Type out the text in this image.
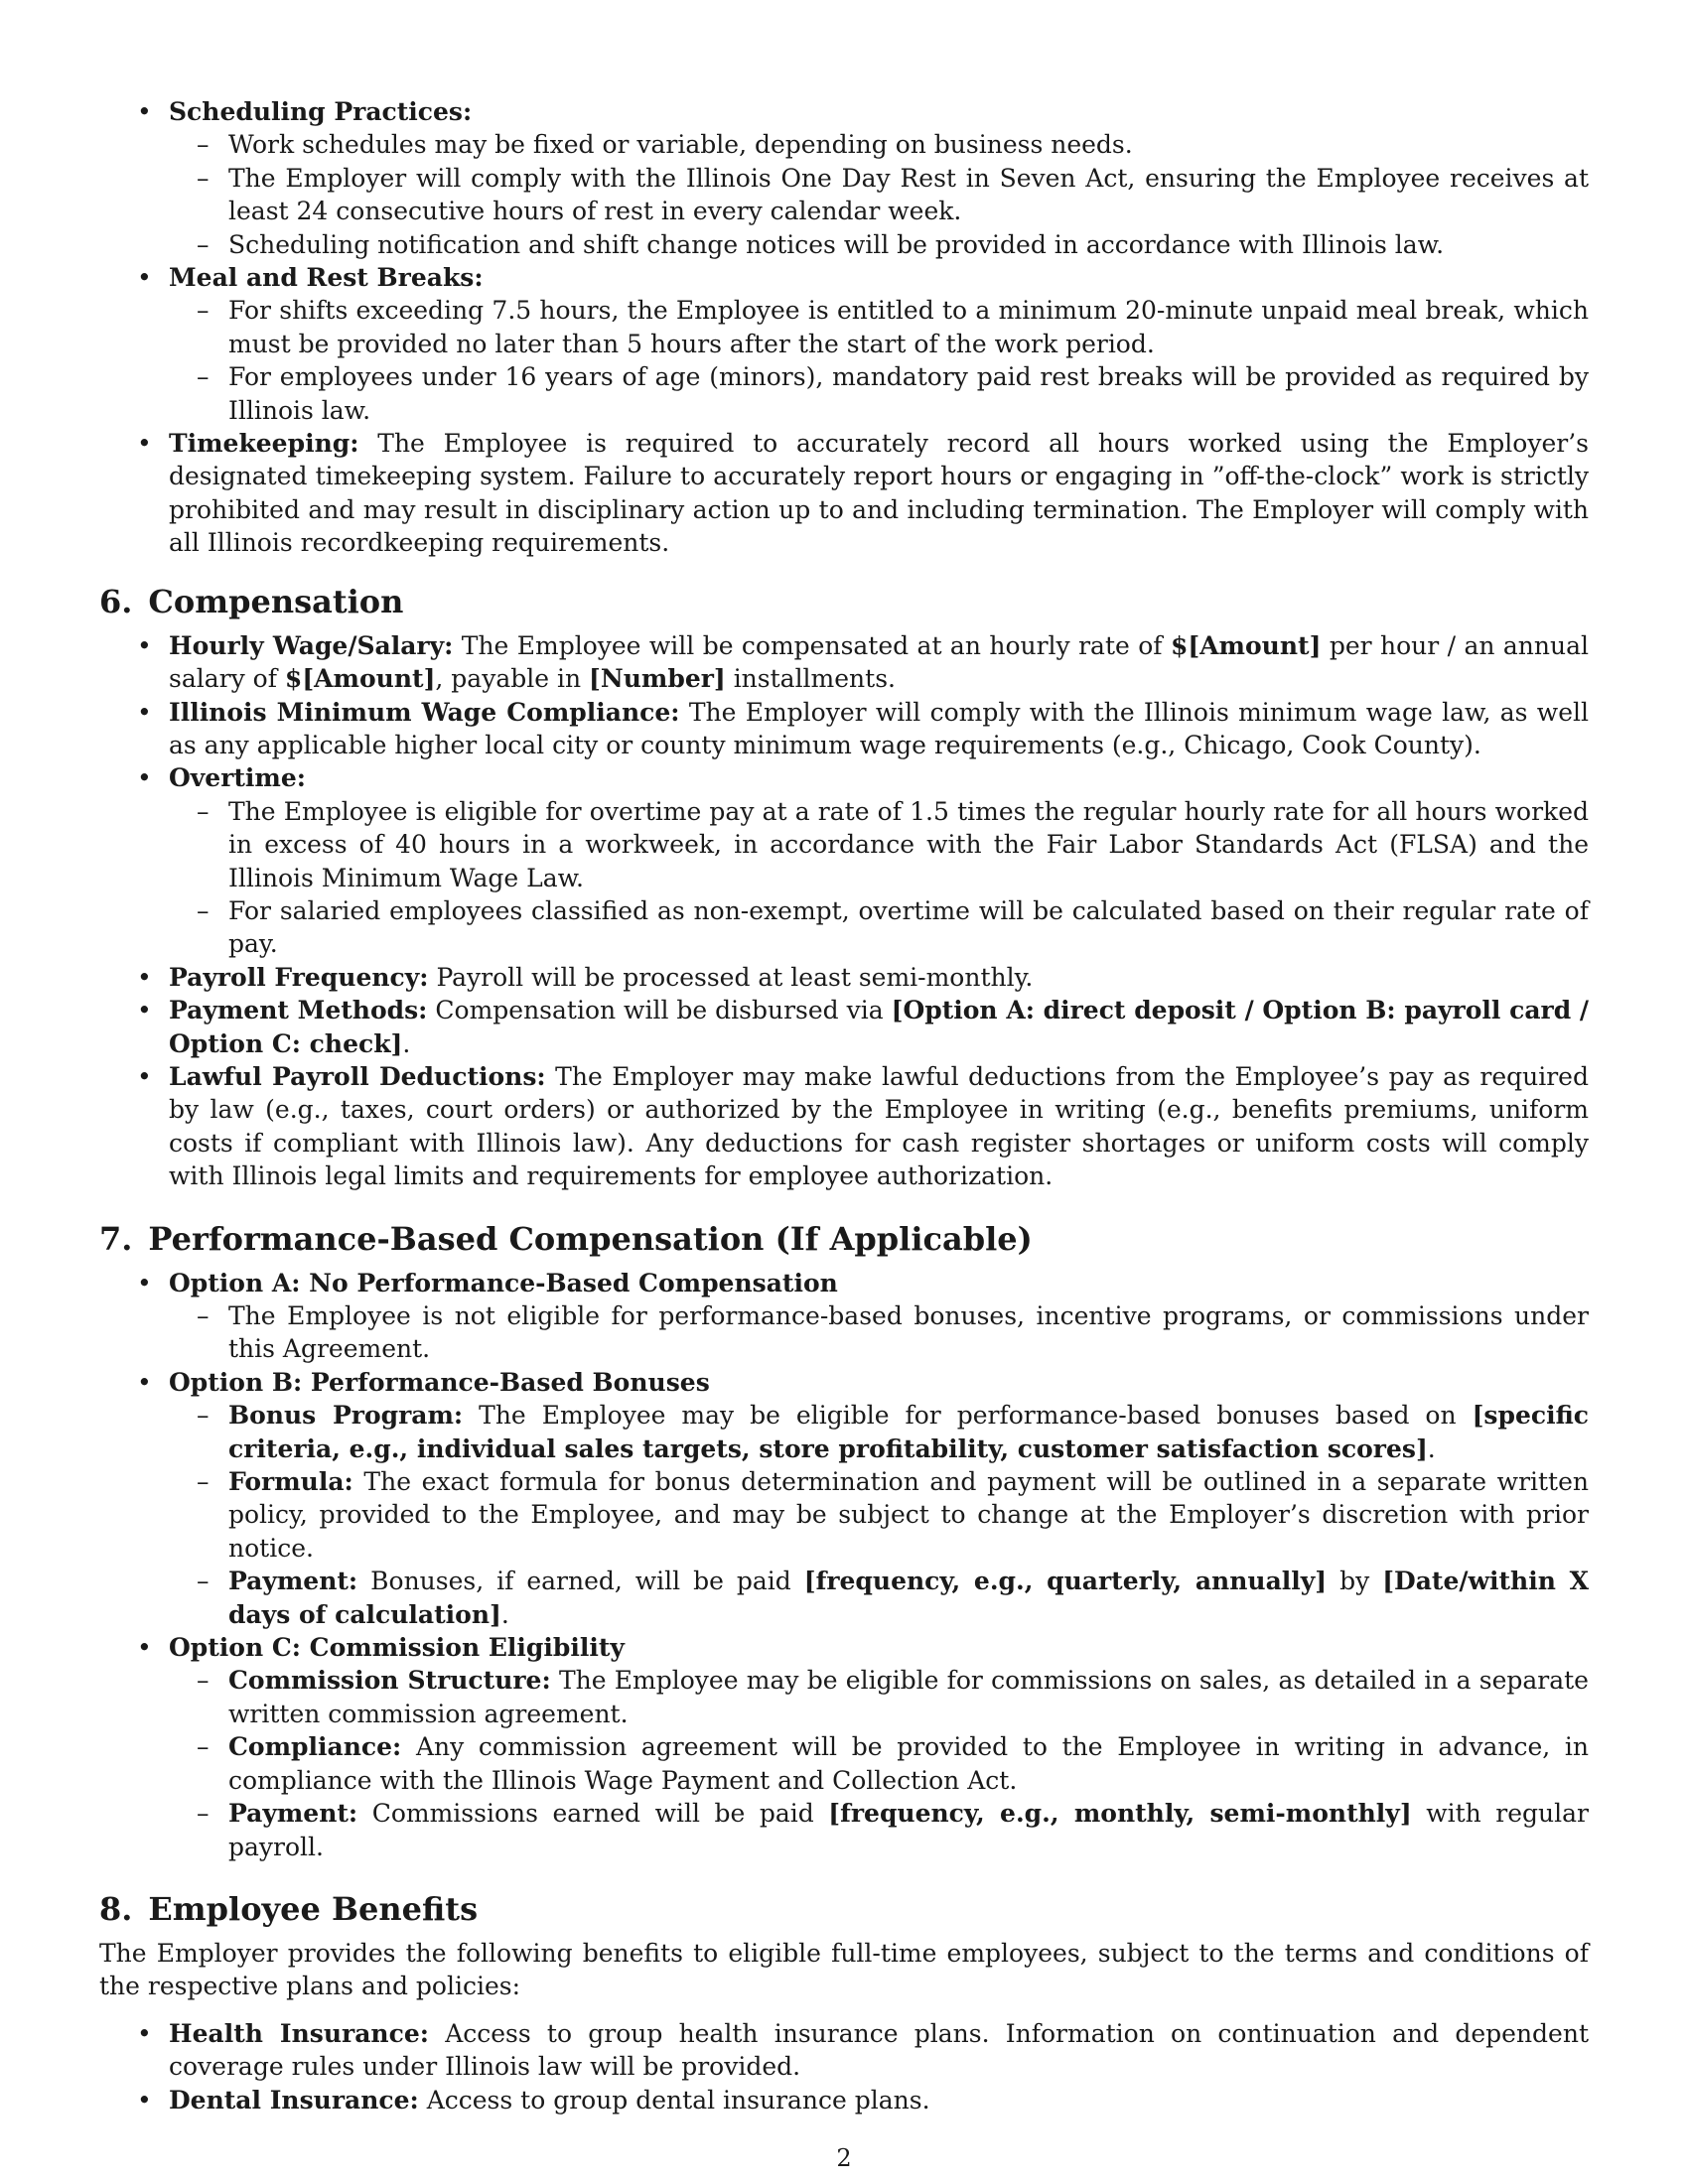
• Scheduling Practices:
– Work schedules may be fixed or variable, depending on business needs.
– The Employer will comply with the Illinois One Day Rest in Seven Act, ensuring the Employee receives at least 24 consecutive hours of rest in every calendar week.
– Scheduling notification and shift change notices will be provided in accordance with Illinois law.
• Meal and Rest Breaks:
– For shifts exceeding 7.5 hours, the Employee is entitled to a minimum 20-minute unpaid meal break, which must be provided no later than 5 hours after the start of the work period.
– For employees under 16 years of age (minors), mandatory paid rest breaks will be provided as required by Illinois law.
• Timekeeping: The Employee is required to accurately record all hours worked using the Employer’s designated timekeeping system. Failure to accurately report hours or engaging in ”off-the-clock” work is strictly prohibited and may result in disciplinary action up to and including termination. The Employer will comply with all Illinois recordkeeping requirements.
6. Compensation
• Hourly Wage/Salary: The Employee will be compensated at an hourly rate of $[Amount] per hour / an annual salary of $[Amount], payable in [Number] installments.
• Illinois Minimum Wage Compliance: The Employer will comply with the Illinois minimum wage law, as well as any applicable higher local city or county minimum wage requirements (e.g., Chicago, Cook County).
• Overtime:
– The Employee is eligible for overtime pay at a rate of 1.5 times the regular hourly rate for all hours worked in excess of 40 hours in a workweek, in accordance with the Fair Labor Standards Act (FLSA) and the Illinois Minimum Wage Law.
– For salaried employees classified as non-exempt, overtime will be calculated based on their regular rate of pay.
• Payroll Frequency: Payroll will be processed at least semi-monthly.
• Payment Methods: Compensation will be disbursed via [Option A: direct deposit / Option B: payroll card / Option C: check].
• Lawful Payroll Deductions: The Employer may make lawful deductions from the Employee’s pay as required by law (e.g., taxes, court orders) or authorized by the Employee in writing (e.g., benefits premiums, uniform costs if compliant with Illinois law). Any deductions for cash register shortages or uniform costs will comply with Illinois legal limits and requirements for employee authorization.
7. Performance-Based Compensation (If Applicable)
• Option A: No Performance-Based Compensation
– The Employee is not eligible for performance-based bonuses, incentive programs, or commissions under this Agreement.
• Option B: Performance-Based Bonuses
– Bonus Program: The Employee may be eligible for performance-based bonuses based on [specific criteria, e.g., individual sales targets, store profitability, customer satisfaction scores].
– Formula: The exact formula for bonus determination and payment will be outlined in a separate written policy, provided to the Employee, and may be subject to change at the Employer’s discretion with prior notice.
– Payment: Bonuses, if earned, will be paid [frequency, e.g., quarterly, annually] by [Date/within X days of calculation].
• Option C: Commission Eligibility
– Commission Structure: The Employee may be eligible for commissions on sales, as detailed in a separate written commission agreement.
– Compliance: Any commission agreement will be provided to the Employee in writing in advance, in compliance with the Illinois Wage Payment and Collection Act.
– Payment: Commissions earned will be paid [frequency, e.g., monthly, semi-monthly] with regular payroll.
8. Employee Benefits

The Employer provides the following benefits to eligible full-time employees, subject to the terms and conditions of the respective plans and policies:

• Health Insurance: Access to group health insurance plans. Information on continuation and dependent coverage rules under Illinois law will be provided.
• Dental Insurance: Access to group dental insurance plans.
2
